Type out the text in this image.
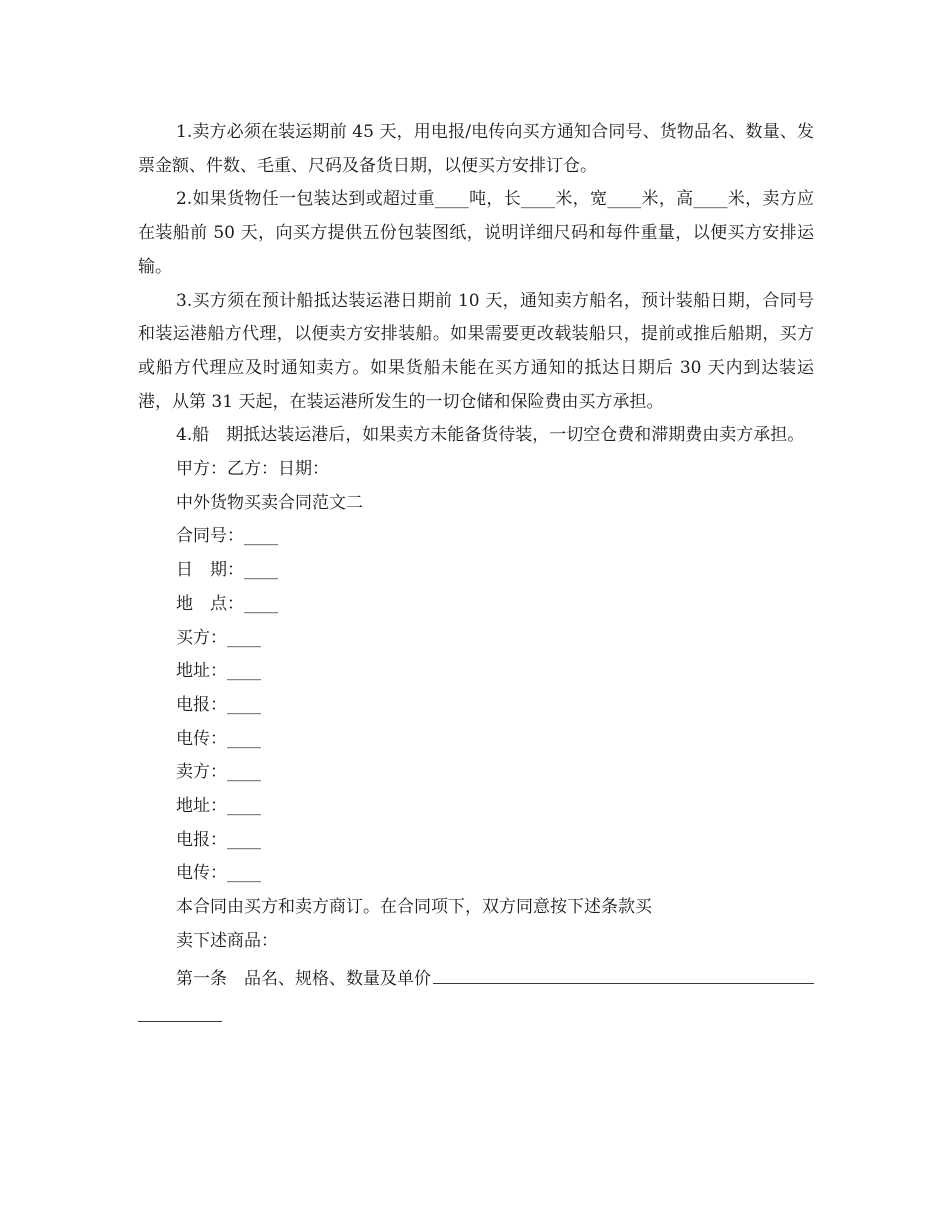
1.卖方必须在装运期前 45 天，用电报/电传向买方通知合同号、货物品名、数量、发票金额、件数、毛重、尺码及备货日期，以便买方安排订仓。

2.如果货物任一包装达到或超过重____吨，长____米，宽____米，高____米，卖方应在装船前 50 天，向买方提供五份包装图纸，说明详细尺码和每件重量，以便买方安排运输。

3.买方须在预计船抵达装运港日期前 10 天，通知卖方船名，预计装船日期，合同号和装运港船方代理，以便卖方安排装船。如果需要更改载装船只，提前或推后船期，买方或船方代理应及时通知卖方。如果货船未能在买方通知的抵达日期后 30 天内到达装运港，从第 31 天起，在装运港所发生的一切仓储和保险费由买方承担。

4.船　期抵达装运港后，如果卖方未能备货待装，一切空仓费和滞期费由卖方承担。

甲方：乙方：日期：

中外货物买卖合同范文二

合同号：____

日　期：____

地　点：____

买方：____

地址：____

电报：____

电传：____

卖方：____

地址：____

电报：____

电传：____

本合同由买方和卖方商订。在合同项下，双方同意按下述条款买

卖下述商品：

第一条　品名、规格、数量及单价
